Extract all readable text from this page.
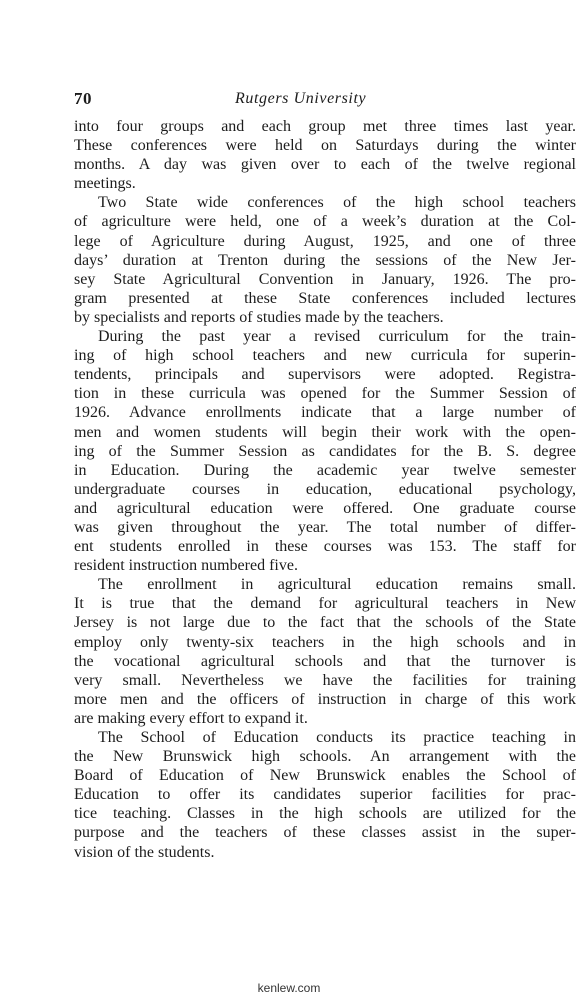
70	Rutgers University
into four groups and each group met three times last year.
These conferences were held on Saturdays during the winter
months. A day was given over to each of the twelve regional
meetings.
Two State wide conferences of the high school teachers
of agriculture were held, one of a week’s duration at the Col-
lege of Agriculture during August, 1925, and one of three
days’ duration at Trenton during the sessions of the New Jer-
sey State Agricultural Convention in January, 1926. The pro-
gram presented at these State conferences included lectures
by specialists and reports of studies made by the teachers.
During the past year a revised curriculum for the train-
ing of high school teachers and new curricula for superin-
tendents, principals and supervisors were adopted. Registra-
tion in these curricula was opened for the Summer Session of
1926. Advance enrollments indicate that a large number of
men and women students will begin their work with the open-
ing of the Summer Session as candidates for the B. S. degree
in Education. During the academic year twelve semester
undergraduate courses in education, educational psychology,
and agricultural education were offered. One graduate course
was given throughout the year. The total number of differ-
ent students enrolled in these courses was 153. The staff for
resident instruction numbered five.
The enrollment in agricultural education remains small.
It is true that the demand for agricultural teachers in New
Jersey is not large due to the fact that the schools of the State
employ only twenty-six teachers in the high schools and in
the vocational agricultural schools and that the turnover is
very small. Nevertheless we have the facilities for training
more men and the officers of instruction in charge of this work
are making every effort to expand it.
The School of Education conducts its practice teaching in
the New Brunswick high schools. An arrangement with the
Board of Education of New Brunswick enables the School of
Education to offer its candidates superior facilities for prac-
tice teaching. Classes in the high schools are utilized for the
purpose and the teachers of these classes assist in the super-
vision of the students.
kenlew.com
